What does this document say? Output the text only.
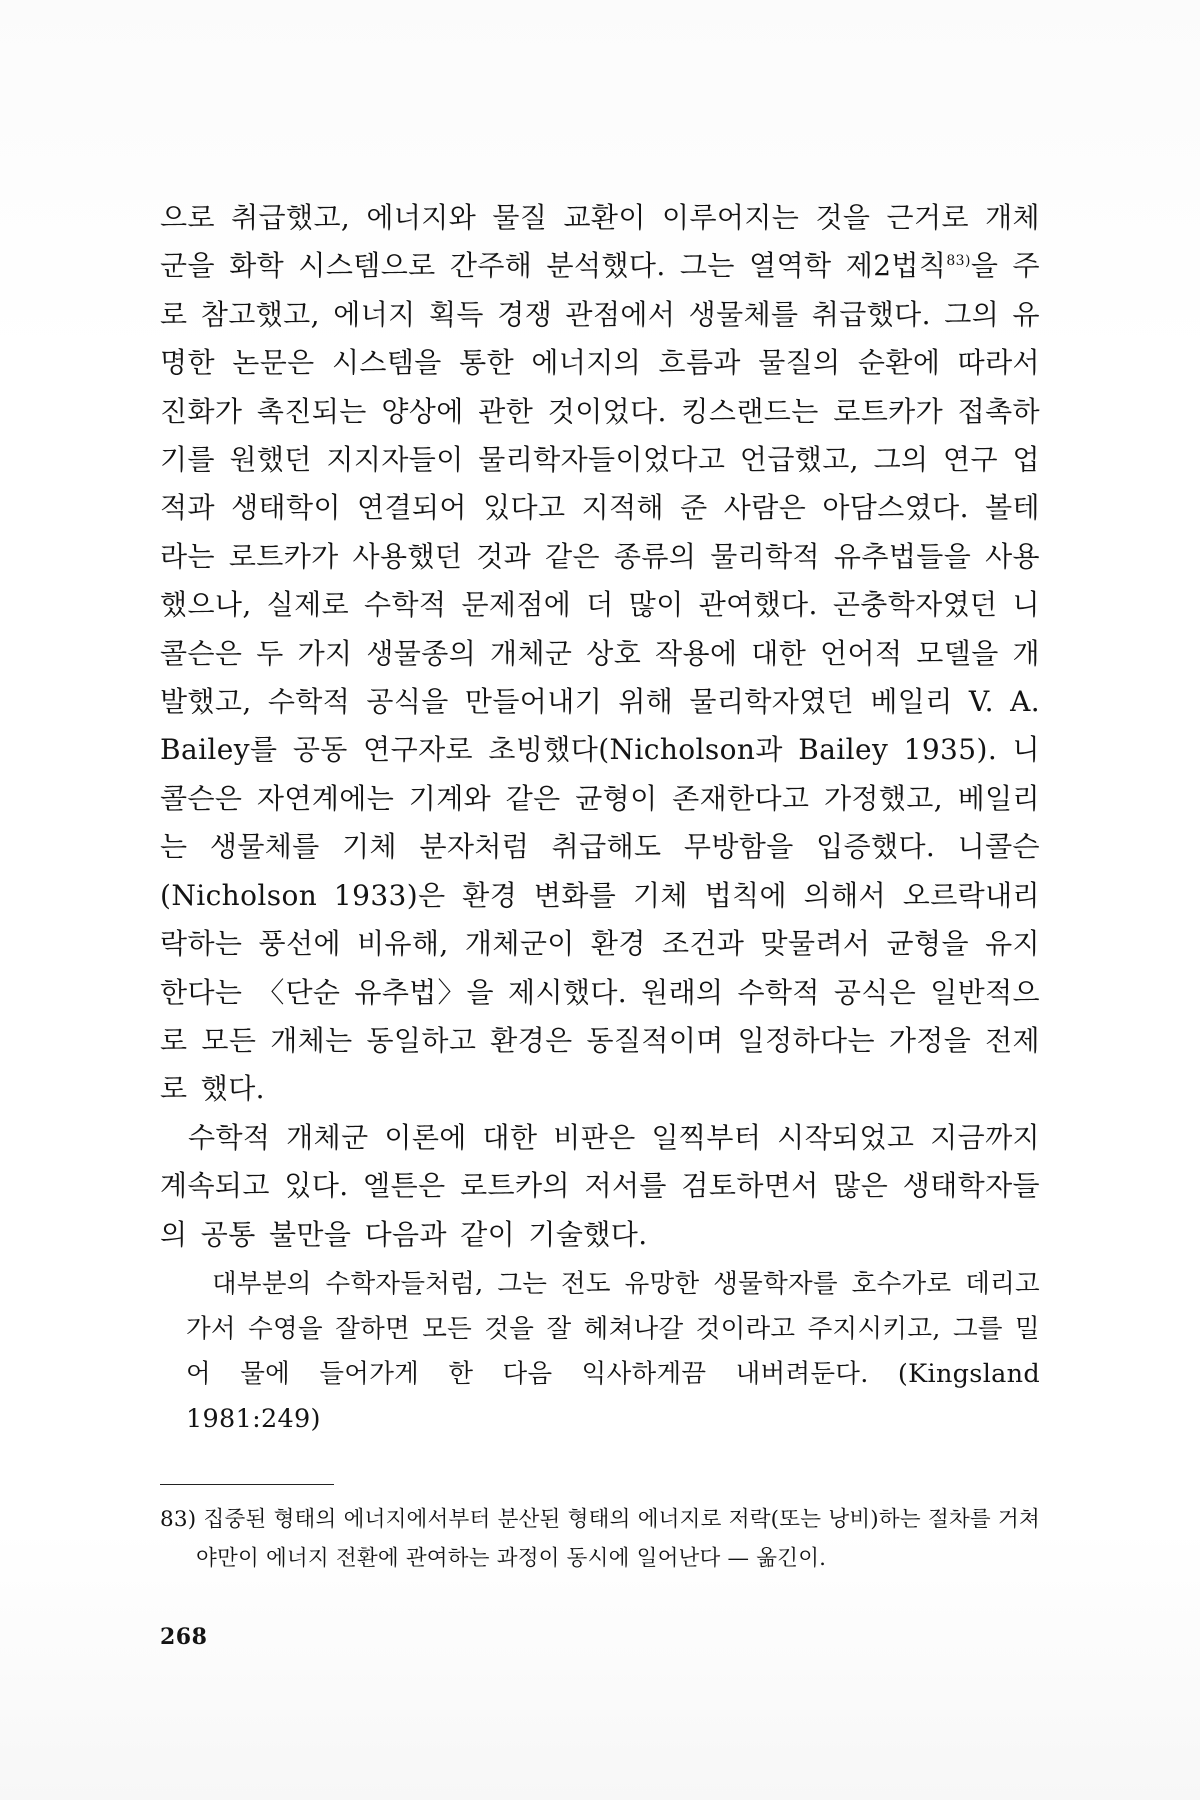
으로 취급했고, 에너지와 물질 교환이 이루어지는 것을 근거로 개체군을 화학 시스템으로 간주해 분석했다. 그는 열역학 제2법칙$^{83)}$을 주로 참고했고, 에너지 획득 경쟁 관점에서 생물체를 취급했다. 그의 유명한 논문은 시스템을 통한 에너지의 흐름과 물질의 순환에 따라서 진화가 촉진되는 양상에 관한 것이었다. 킹스랜드는 로트카가 접촉하기를 원했던 지지자들이 물리학자들이었다고 언급했고, 그의 연구 업적과 생태학이 연결되어 있다고 지적해 준 사람은 아담스였다. 볼테라는 로트카가 사용했던 것과 같은 종류의 물리학적 유추법들을 사용했으나, 실제로 수학적 문제점에 더 많이 관여했다. 곤충학자였던 니콜슨은 두 가지 생물종의 개체군 상호 작용에 대한 언어적 모델을 개발했고, 수학적 공식을 만들어내기 위해 물리학자였던 베일리 V. A. Bailey를 공동 연구자로 초빙했다(Nicholson과 Bailey 1935). 니콜슨은 자연계에는 기계와 같은 균형이 존재한다고 가정했고, 베일리는 생물체를 기체 분자처럼 취급해도 무방함을 입증했다. 니콜슨(Nicholson 1933)은 환경 변화를 기체 법칙에 의해서 오르락내리락하는 풍선에 비유해, 개체군이 환경 조건과 맞물려서 균형을 유지한다는 〈단순 유추법〉을 제시했다. 원래의 수학적 공식은 일반적으로 모든 개체는 동일하고 환경은 동질적이며 일정하다는 가정을 전제로 했다.

수학적 개체군 이론에 대한 비판은 일찍부터 시작되었고 지금까지 계속되고 있다. 엘튼은 로트카의 저서를 검토하면서 많은 생태학자들의 공통 불만을 다음과 같이 기술했다.

대부분의 수학자들처럼, 그는 전도 유망한 생물학자를 호수가로 데리고 가서 수영을 잘하면 모든 것을 잘 헤쳐나갈 것이라고 주지시키고, 그를 밀어 물에 들어가게 한 다음 익사하게끔 내버려둔다. (Kingsland 1981:249)

83) 집중된 형태의 에너지에서부터 분산된 형태의 에너지로 저락(또는 낭비)하는 절차를 거쳐야만이 에너지 전환에 관여하는 과정이 동시에 일어난다 — 옮긴이.

268
